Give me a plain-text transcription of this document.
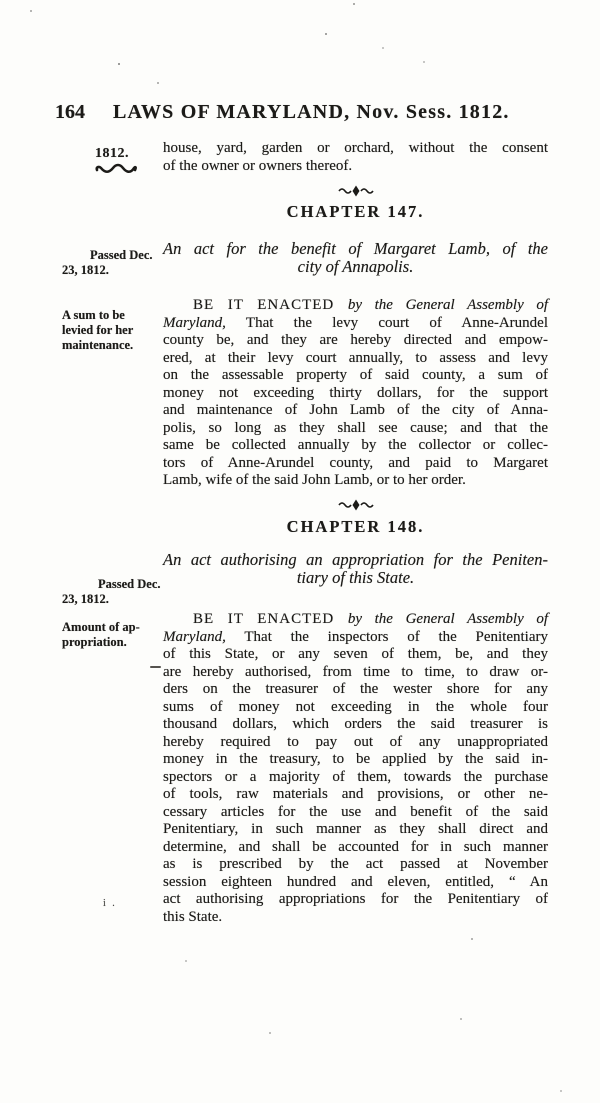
164 LAWS OF MARYLAND, Nov. Sess. 1812.
1812.	house, yard, garden or orchard, without the consent
of the owner or owners thereof.
CHAPTER 147.
An act for the benefit of Margaret Lamb, of the
city of Annapolis.
Passed Dec.
23, 1812.
BE IT ENACTED by the General Assembly of
Maryland, That the levy court of Anne-Arundel
county be, and they are hereby directed and empow-
ered, at their levy court annually, to assess and levy
on the assessable property of said county, a sum of
money not exceeding thirty dollars, for the support
and maintenance of John Lamb of the city of Anna-
polis, so long as they shall see cause; and that the
same be collected annually by the collector or collec-
tors of Anne-Arundel county, and paid to Margaret
Lamb, wife of the said John Lamb, or to her order.
A sum to be
levied for her
maintenance.
CHAPTER 148.
An act authorising an appropriation for the Peniten-
tiary of this State.
Passed Dec.
23, 1812.
BE IT ENACTED by the General Assembly of
Maryland, That the inspectors of the Penitentiary
of this State, or any seven of them, be, and they
are hereby authorised, from time to time, to draw or-
ders on the treasurer of the wester shore for any
sums of money not exceeding in the whole four
thousand dollars, which orders the said treasurer is
hereby required to pay out of any unappropriated
money in the treasury, to be applied by the said in-
spectors or a majority of them, towards the purchase
of tools, raw materials and provisions, or other ne-
cessary articles for the use and benefit of the said
Penitentiary, in such manner as they shall direct and
determine, and shall be accounted for in such manner
as is prescribed by the act passed at November
session eighteen hundred and eleven, entitled, “ An
act authorising appropriations for the Penitentiary of
this State.
Amount of ap-
propriation.
i .
